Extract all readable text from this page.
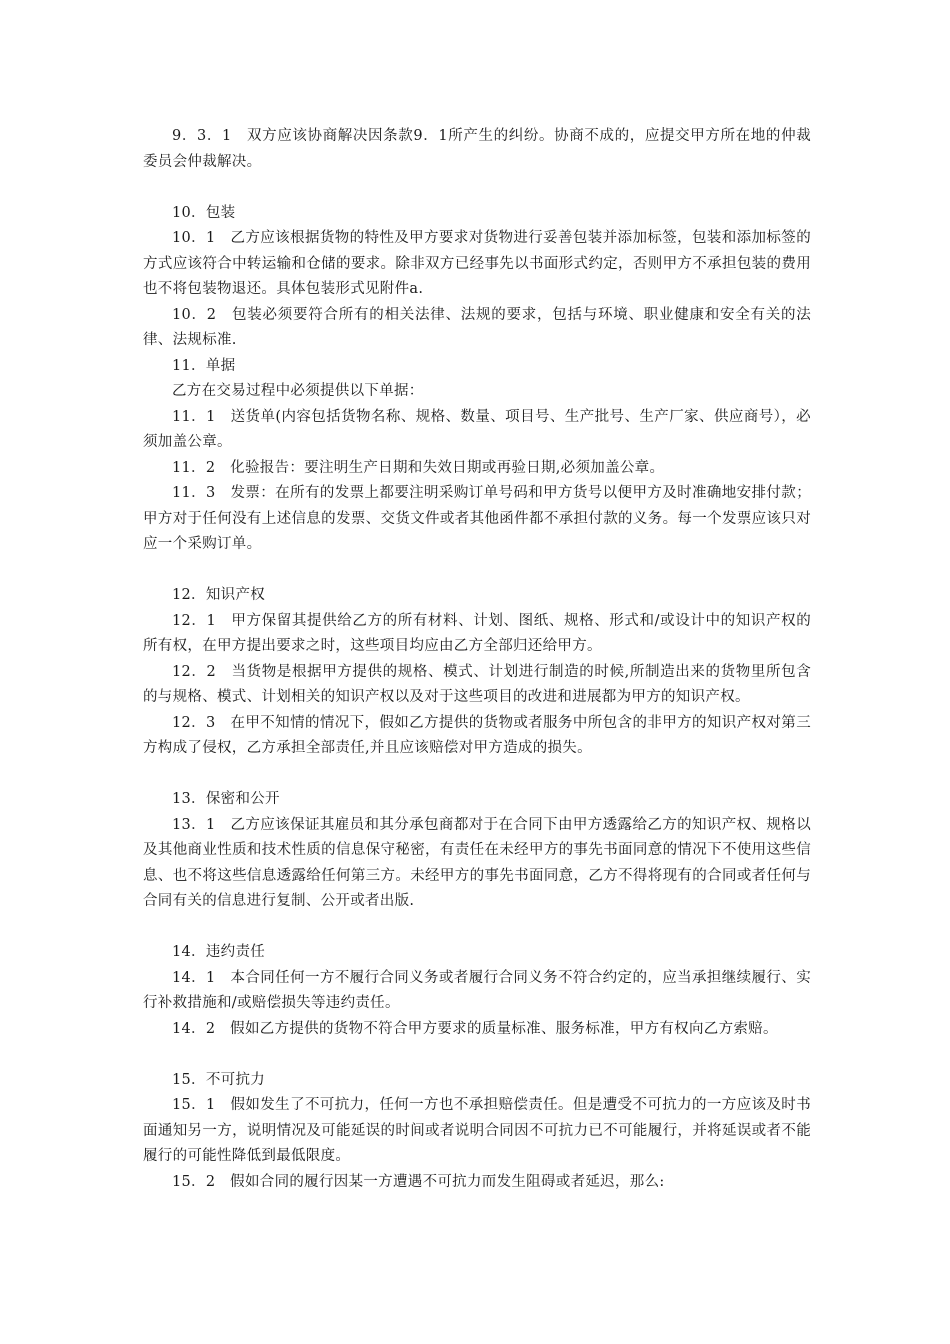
9．3．1　双方应该协商解决因条款9．1所产生的纠纷。协商不成的，应提交甲方所在地的仲裁委员会仲裁解决。

10．包装

10．1　乙方应该根据货物的特性及甲方要求对货物进行妥善包装并添加标签，包装和添加标签的方式应该符合中转运输和仓储的要求。除非双方已经事先以书面形式约定，否则甲方不承担包装的费用也不将包装物退还。具体包装形式见附件a.

10．2　包装必须要符合所有的相关法律、法规的要求，包括与环境、职业健康和安全有关的法律、法规标准.

11．单据

乙方在交易过程中必须提供以下单据：

11．1　送货单(内容包括货物名称、规格、数量、项目号、生产批号、生产厂家、供应商号），必须加盖公章。

11．2　化验报告：要注明生产日期和失效日期或再验日期,必须加盖公章。

11．3　发票：在所有的发票上都要注明采购订单号码和甲方货号以便甲方及时准确地安排付款；甲方对于任何没有上述信息的发票、交货文件或者其他函件都不承担付款的义务。每一个发票应该只对应一个采购订单。

12．知识产权

12．1　甲方保留其提供给乙方的所有材料、计划、图纸、规格、形式和/或设计中的知识产权的所有权，在甲方提出要求之时，这些项目均应由乙方全部归还给甲方。

12．2　当货物是根据甲方提供的规格、模式、计划进行制造的时候,所制造出来的货物里所包含的与规格、模式、计划相关的知识产权以及对于这些项目的改进和进展都为甲方的知识产权。

12．3　在甲不知情的情况下，假如乙方提供的货物或者服务中所包含的非甲方的知识产权对第三方构成了侵权，乙方承担全部责任,并且应该赔偿对甲方造成的损失。

13．保密和公开

13．1　乙方应该保证其雇员和其分承包商都对于在合同下由甲方透露给乙方的知识产权、规格以及其他商业性质和技术性质的信息保守秘密，有责任在未经甲方的事先书面同意的情况下不使用这些信息、也不将这些信息透露给任何第三方。未经甲方的事先书面同意，乙方不得将现有的合同或者任何与合同有关的信息进行复制、公开或者出版.

14．违约责任

14．1　本合同任何一方不履行合同义务或者履行合同义务不符合约定的，应当承担继续履行、实行补救措施和/或赔偿损失等违约责任。

14．2　假如乙方提供的货物不符合甲方要求的质量标准、服务标准，甲方有权向乙方索赔。

15．不可抗力

15．1　假如发生了不可抗力，任何一方也不承担赔偿责任。但是遭受不可抗力的一方应该及时书面通知另一方，说明情况及可能延误的时间或者说明合同因不可抗力已不可能履行，并将延误或者不能履行的可能性降低到最低限度。

15．2　假如合同的履行因某一方遭遇不可抗力而发生阻碍或者延迟，那么:
